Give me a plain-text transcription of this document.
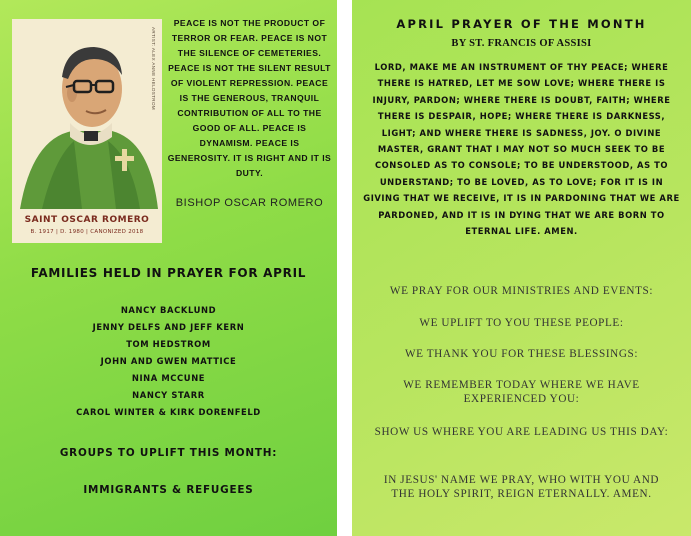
ARTIST: ALEX ANNE HELDSTROM
SAINT OSCAR ROMERO
B. 1917 | D. 1980 | CANONIZED 2018
PEACE IS NOT THE PRODUCT OF TERROR OR FEAR. PEACE IS NOT THE SILENCE OF CEMETERIES. PEACE IS NOT THE SILENT RESULT OF VIOLENT REPRESSION. PEACE IS THE GENEROUS, TRANQUIL CONTRIBUTION OF ALL TO THE GOOD OF ALL. PEACE IS DYNAMISM. PEACE IS GENEROSITY. IT IS RIGHT AND IT IS DUTY.
BISHOP OSCAR ROMERO
FAMILIES HELD IN PRAYER FOR APRIL
NANCY BACKLUND
JENNY DELFS AND JEFF KERN
TOM HEDSTROM
JOHN AND GWEN MATTICE
NINA MCCUNE
NANCY STARR
CAROL WINTER & KIRK DORENFELD
GROUPS TO UPLIFT THIS MONTH:
IMMIGRANTS & REFUGEES
APRIL PRAYER OF THE MONTH
BY ST. FRANCIS OF ASSISI
LORD, MAKE ME AN INSTRUMENT OF THY PEACE; WHERE THERE IS HATRED, LET ME SOW LOVE; WHERE THERE IS INJURY, PARDON; WHERE THERE IS DOUBT, FAITH; WHERE THERE IS DESPAIR, HOPE; WHERE THERE IS DARKNESS, LIGHT; AND WHERE THERE IS SADNESS, JOY. O DIVINE MASTER, GRANT THAT I MAY NOT SO MUCH SEEK TO BE CONSOLED AS TO CONSOLE; TO BE UNDERSTOOD, AS TO UNDERSTAND; TO BE LOVED, AS TO LOVE; FOR IT IS IN GIVING THAT WE RECEIVE, IT IS IN PARDONING THAT WE ARE PARDONED, AND IT IS IN DYING THAT WE ARE BORN TO ETERNAL LIFE. AMEN.
WE PRAY FOR OUR MINISTRIES AND EVENTS:
WE UPLIFT TO YOU THESE PEOPLE:
WE THANK YOU FOR THESE BLESSINGS:
WE REMEMBER TODAY WHERE WE HAVE EXPERIENCED YOU:
SHOW US WHERE YOU ARE LEADING US THIS DAY:
IN JESUS' NAME WE PRAY, WHO WITH YOU AND THE HOLY SPIRIT, REIGN ETERNALLY. AMEN.
